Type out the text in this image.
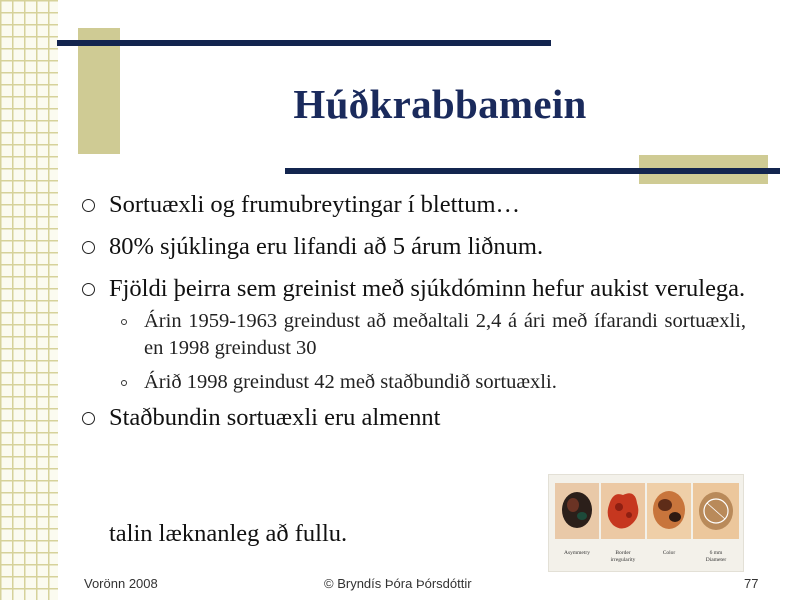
Húðkrabbamein
Sortuæxli og frumubreytingar í blettum…
80% sjúklinga eru lifandi að 5 árum liðnum.
Fjöldi þeirra sem greinist með sjúkdóminn hefur aukist verulega.
Árin 1959-1963 greindust að meðaltali 2,4 á ári með ífarandi sortuæxli, en 1998 greindust 30
Árið 1998 greindust 42 með staðbundið sortuæxli.
Staðbundin sortuæxli eru almennt
talin læknanleg að fullu.
Asymmetry	Border
irregularity
Color	6 mm
Diameter
Vorönn 2008	© Bryndís Þóra Þórsdóttir	77
